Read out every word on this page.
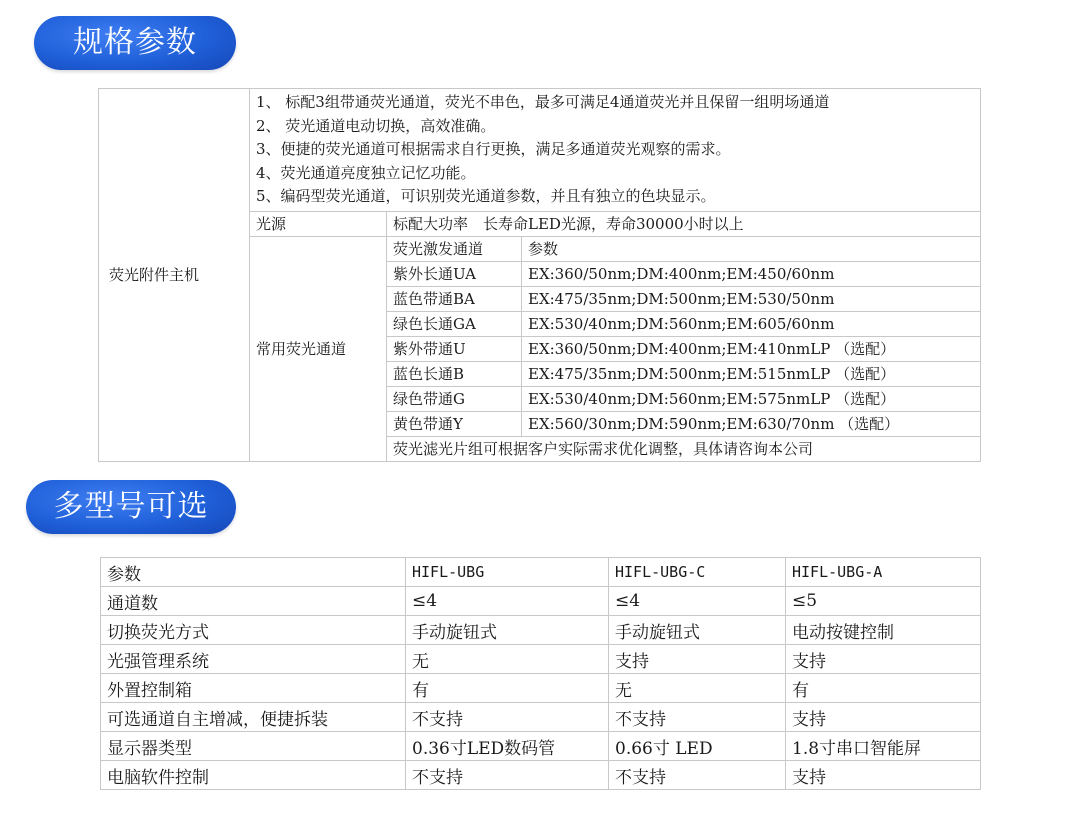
规格参数
荧光附件主机	1、 标配3组带通荧光通道，荧光不串色，最多可满足4通道荧光并且保留一组明场通道
2、 荧光通道电动切换，高效准确。
3、便捷的荧光通道可根据需求自行更换，满足多通道荧光观察的需求。
4、荧光通道亮度独立记忆功能。
5、编码型荧光通道，可识别荧光通道参数，并且有独立的色块显示。		

	光源	标配大功率　长寿命LED光源，寿命30000小时以上	
	常用荧光通道	荧光激发通道	参数
		紫外长通UA	EX:360/50nm;DM:400nm;EM:450/60nm
		蓝色带通BA	EX:475/35nm;DM:500nm;EM:530/50nm
		绿色长通GA	EX:530/40nm;DM:560nm;EM:605/60nm
		紫外带通U	EX:360/50nm;DM:400nm;EM:410nmLP （选配）
		蓝色长通B	EX:475/35nm;DM:500nm;EM:515nmLP （选配）
		绿色带通G	EX:530/40nm;DM:560nm;EM:575nmLP （选配）
		黄色带通Y	EX:560/30nm;DM:590nm;EM:630/70nm （选配）
		荧光滤光片组可根据客户实际需求优化调整，具体请咨询本公司	
多型号可选
参数	HIFL-UBG	HIFL-UBG-C	HIFL-UBG-A
通道数	≤4	≤4	≤5
切换荧光方式	手动旋钮式	手动旋钮式	电动按键控制
光强管理系统	无	支持	支持
外置控制箱	有	无	有
可选通道自主增减，便捷拆装	不支持	不支持	支持
显示器类型	0.36寸LED数码管	0.66寸 LED	1.8寸串口智能屏
电脑软件控制	不支持	不支持	支持
